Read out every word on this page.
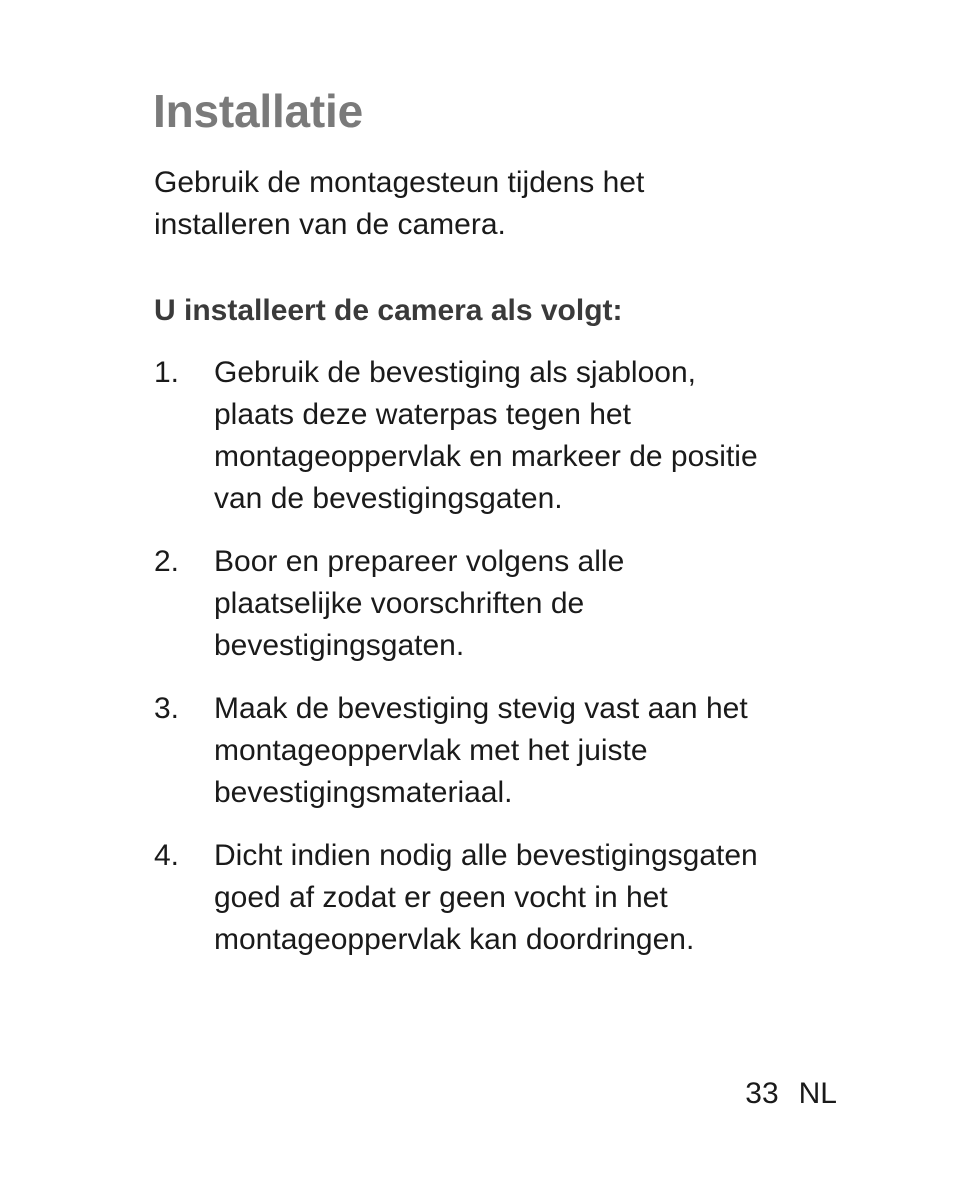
Installatie

Gebruik de montagesteun tijdens het
installeren van de camera.

U installeert de camera als volgt:
1. Gebruik de bevestiging als sjabloon,
plaats deze waterpas tegen het
montageoppervlak en markeer de positie
van de bevestigingsgaten.
2. Boor en prepareer volgens alle
plaatselijke voorschriften de
bevestigingsgaten.
3. Maak de bevestiging stevig vast aan het
montageoppervlak met het juiste
bevestigingsmateriaal.
4. Dicht indien nodig alle bevestigingsgaten
goed af zodat er geen vocht in het
montageoppervlak kan doordringen.
33 NL
